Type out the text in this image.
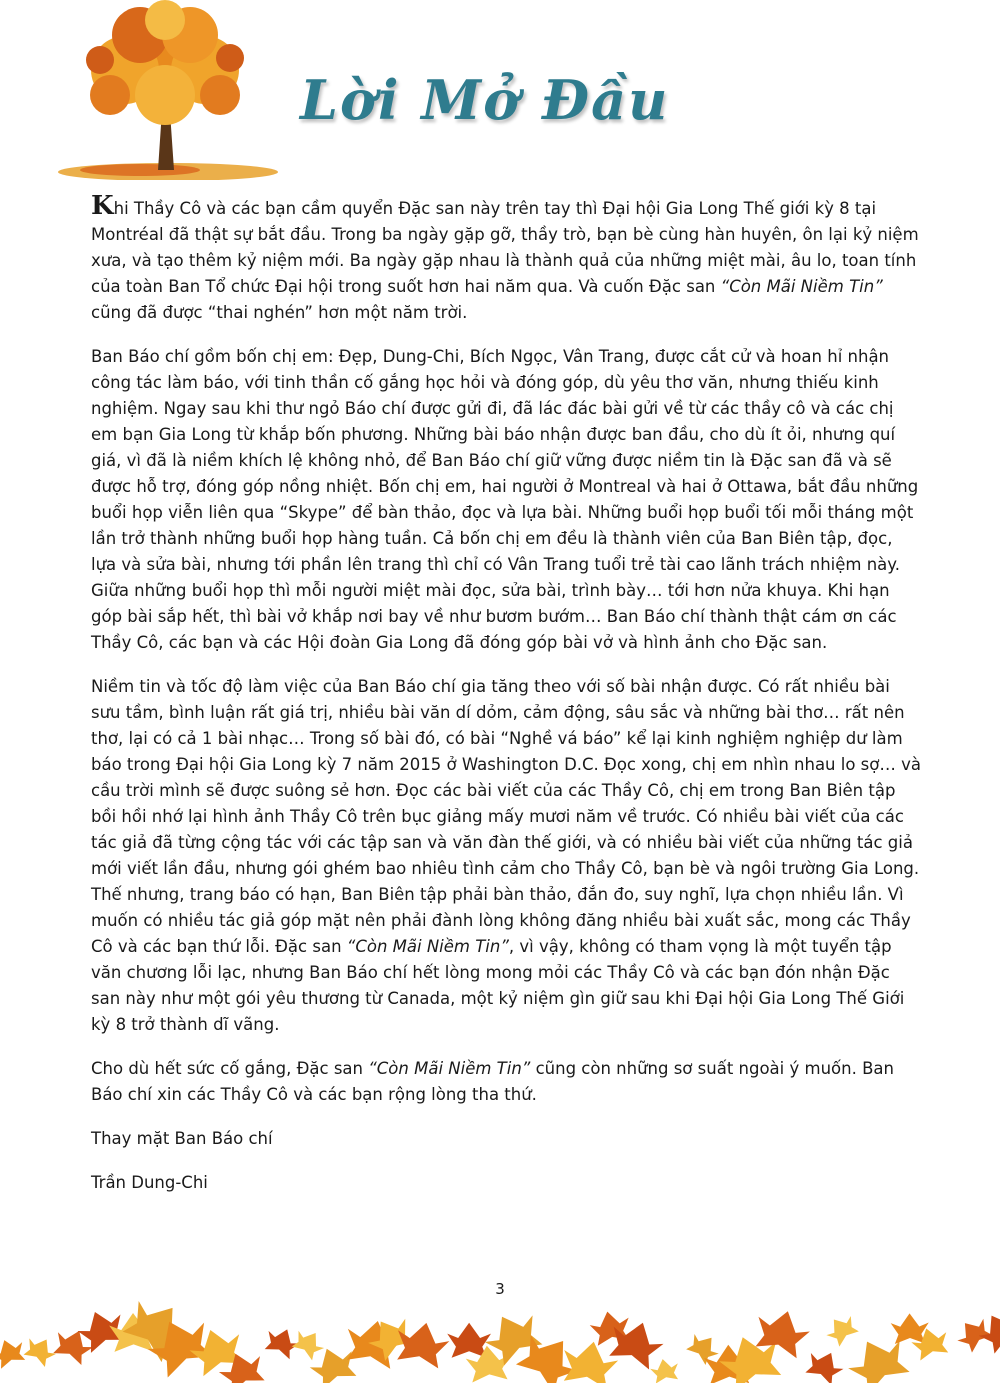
Lời Mở Đầu

Khi Thầy Cô và các bạn cầm quyển Đặc san này trên tay thì Đại hội Gia Long Thế giới kỳ 8 tại Montréal đã thật sự bắt đầu. Trong ba ngày gặp gỡ, thầy trò, bạn bè cùng hàn huyên, ôn lại kỷ niệm xưa, và tạo thêm kỷ niệm mới. Ba ngày gặp nhau là thành quả của những miệt mài, âu lo, toan tính của toàn Ban Tổ chức Đại hội trong suốt hơn hai năm qua. Và cuốn Đặc san “Còn Mãi Niềm Tin” cũng đã được “thai nghén” hơn một năm trời.

Ban Báo chí gồm bốn chị em: Đẹp, Dung-Chi, Bích Ngọc, Vân Trang, được cắt cử và hoan hỉ nhận công tác làm báo, với tinh thần cố gắng học hỏi và đóng góp, dù yêu thơ văn, nhưng thiếu kinh nghiệm. Ngay sau khi thư ngỏ Báo chí được gửi đi, đã lác đác bài gửi về từ các thầy cô và các chị em bạn Gia Long từ khắp bốn phương. Những bài báo nhận được ban đầu, cho dù ít ỏi, nhưng quí giá, vì đã là niềm khích lệ không nhỏ, để Ban Báo chí giữ vững được niềm tin là Đặc san đã và sẽ được hỗ trợ, đóng góp nồng nhiệt. Bốn chị em, hai người ở Montreal và hai ở Ottawa, bắt đầu những buổi họp viễn liên qua “Skype” để bàn thảo, đọc và lựa bài. Những buổi họp buổi tối mỗi tháng một lần trở thành những buổi họp hàng tuần. Cả bốn chị em đều là thành viên của Ban Biên tập, đọc, lựa và sửa bài, nhưng tới phần lên trang thì chỉ có Vân Trang tuổi trẻ tài cao lãnh trách nhiệm này. Giữa những buổi họp thì mỗi người miệt mài đọc, sửa bài, trình bày… tới hơn nửa khuya. Khi hạn góp bài sắp hết, thì bài vở khắp nơi bay về như bươm bướm… Ban Báo chí thành thật cám ơn các Thầy Cô, các bạn và các Hội đoàn Gia Long đã đóng góp bài vở và hình ảnh cho Đặc san.

Niềm tin và tốc độ làm việc của Ban Báo chí gia tăng theo với số bài nhận được. Có rất nhiều bài sưu tầm, bình luận rất giá trị, nhiều bài văn dí dỏm, cảm động, sâu sắc và những bài thơ… rất nên thơ, lại có cả 1 bài nhạc… Trong số bài đó, có bài “Nghề vá báo” kể lại kinh nghiệm nghiệp dư làm báo trong Đại hội Gia Long kỳ 7 năm 2015 ở Washington D.C. Đọc xong, chị em nhìn nhau lo sợ… và cầu trời mình sẽ được suông sẻ hơn. Đọc các bài viết của các Thầy Cô, chị em trong Ban Biên tập bồi hồi nhớ lại hình ảnh Thầy Cô trên bục giảng mấy mươi năm về trước. Có nhiều bài viết của các tác giả đã từng cộng tác với các tập san và văn đàn thế giới, và có nhiều bài viết của những tác giả mới viết lần đầu, nhưng gói ghém bao nhiêu tình cảm cho Thầy Cô, bạn bè và ngôi trường Gia Long. Thế nhưng, trang báo có hạn, Ban Biên tập phải bàn thảo, đắn đo, suy nghĩ, lựa chọn nhiều lần. Vì muốn có nhiều tác giả góp mặt nên phải đành lòng không đăng nhiều bài xuất sắc, mong các Thầy Cô và các bạn thứ lỗi. Đặc san “Còn Mãi Niềm Tin”, vì vậy, không có tham vọng là một tuyển tập văn chương lỗi lạc, nhưng Ban Báo chí hết lòng mong mỏi các Thầy Cô và các bạn đón nhận Đặc san này như một gói yêu thương từ Canada, một kỷ niệm gìn giữ sau khi Đại hội Gia Long Thế Giới kỳ 8 trở thành dĩ vãng.

Cho dù hết sức cố gắng, Đặc san “Còn Mãi Niềm Tin” cũng còn những sơ suất ngoài ý muốn. Ban Báo chí xin các Thầy Cô và các bạn rộng lòng tha thứ.

Thay mặt Ban Báo chí

Trần Dung-Chi

3
